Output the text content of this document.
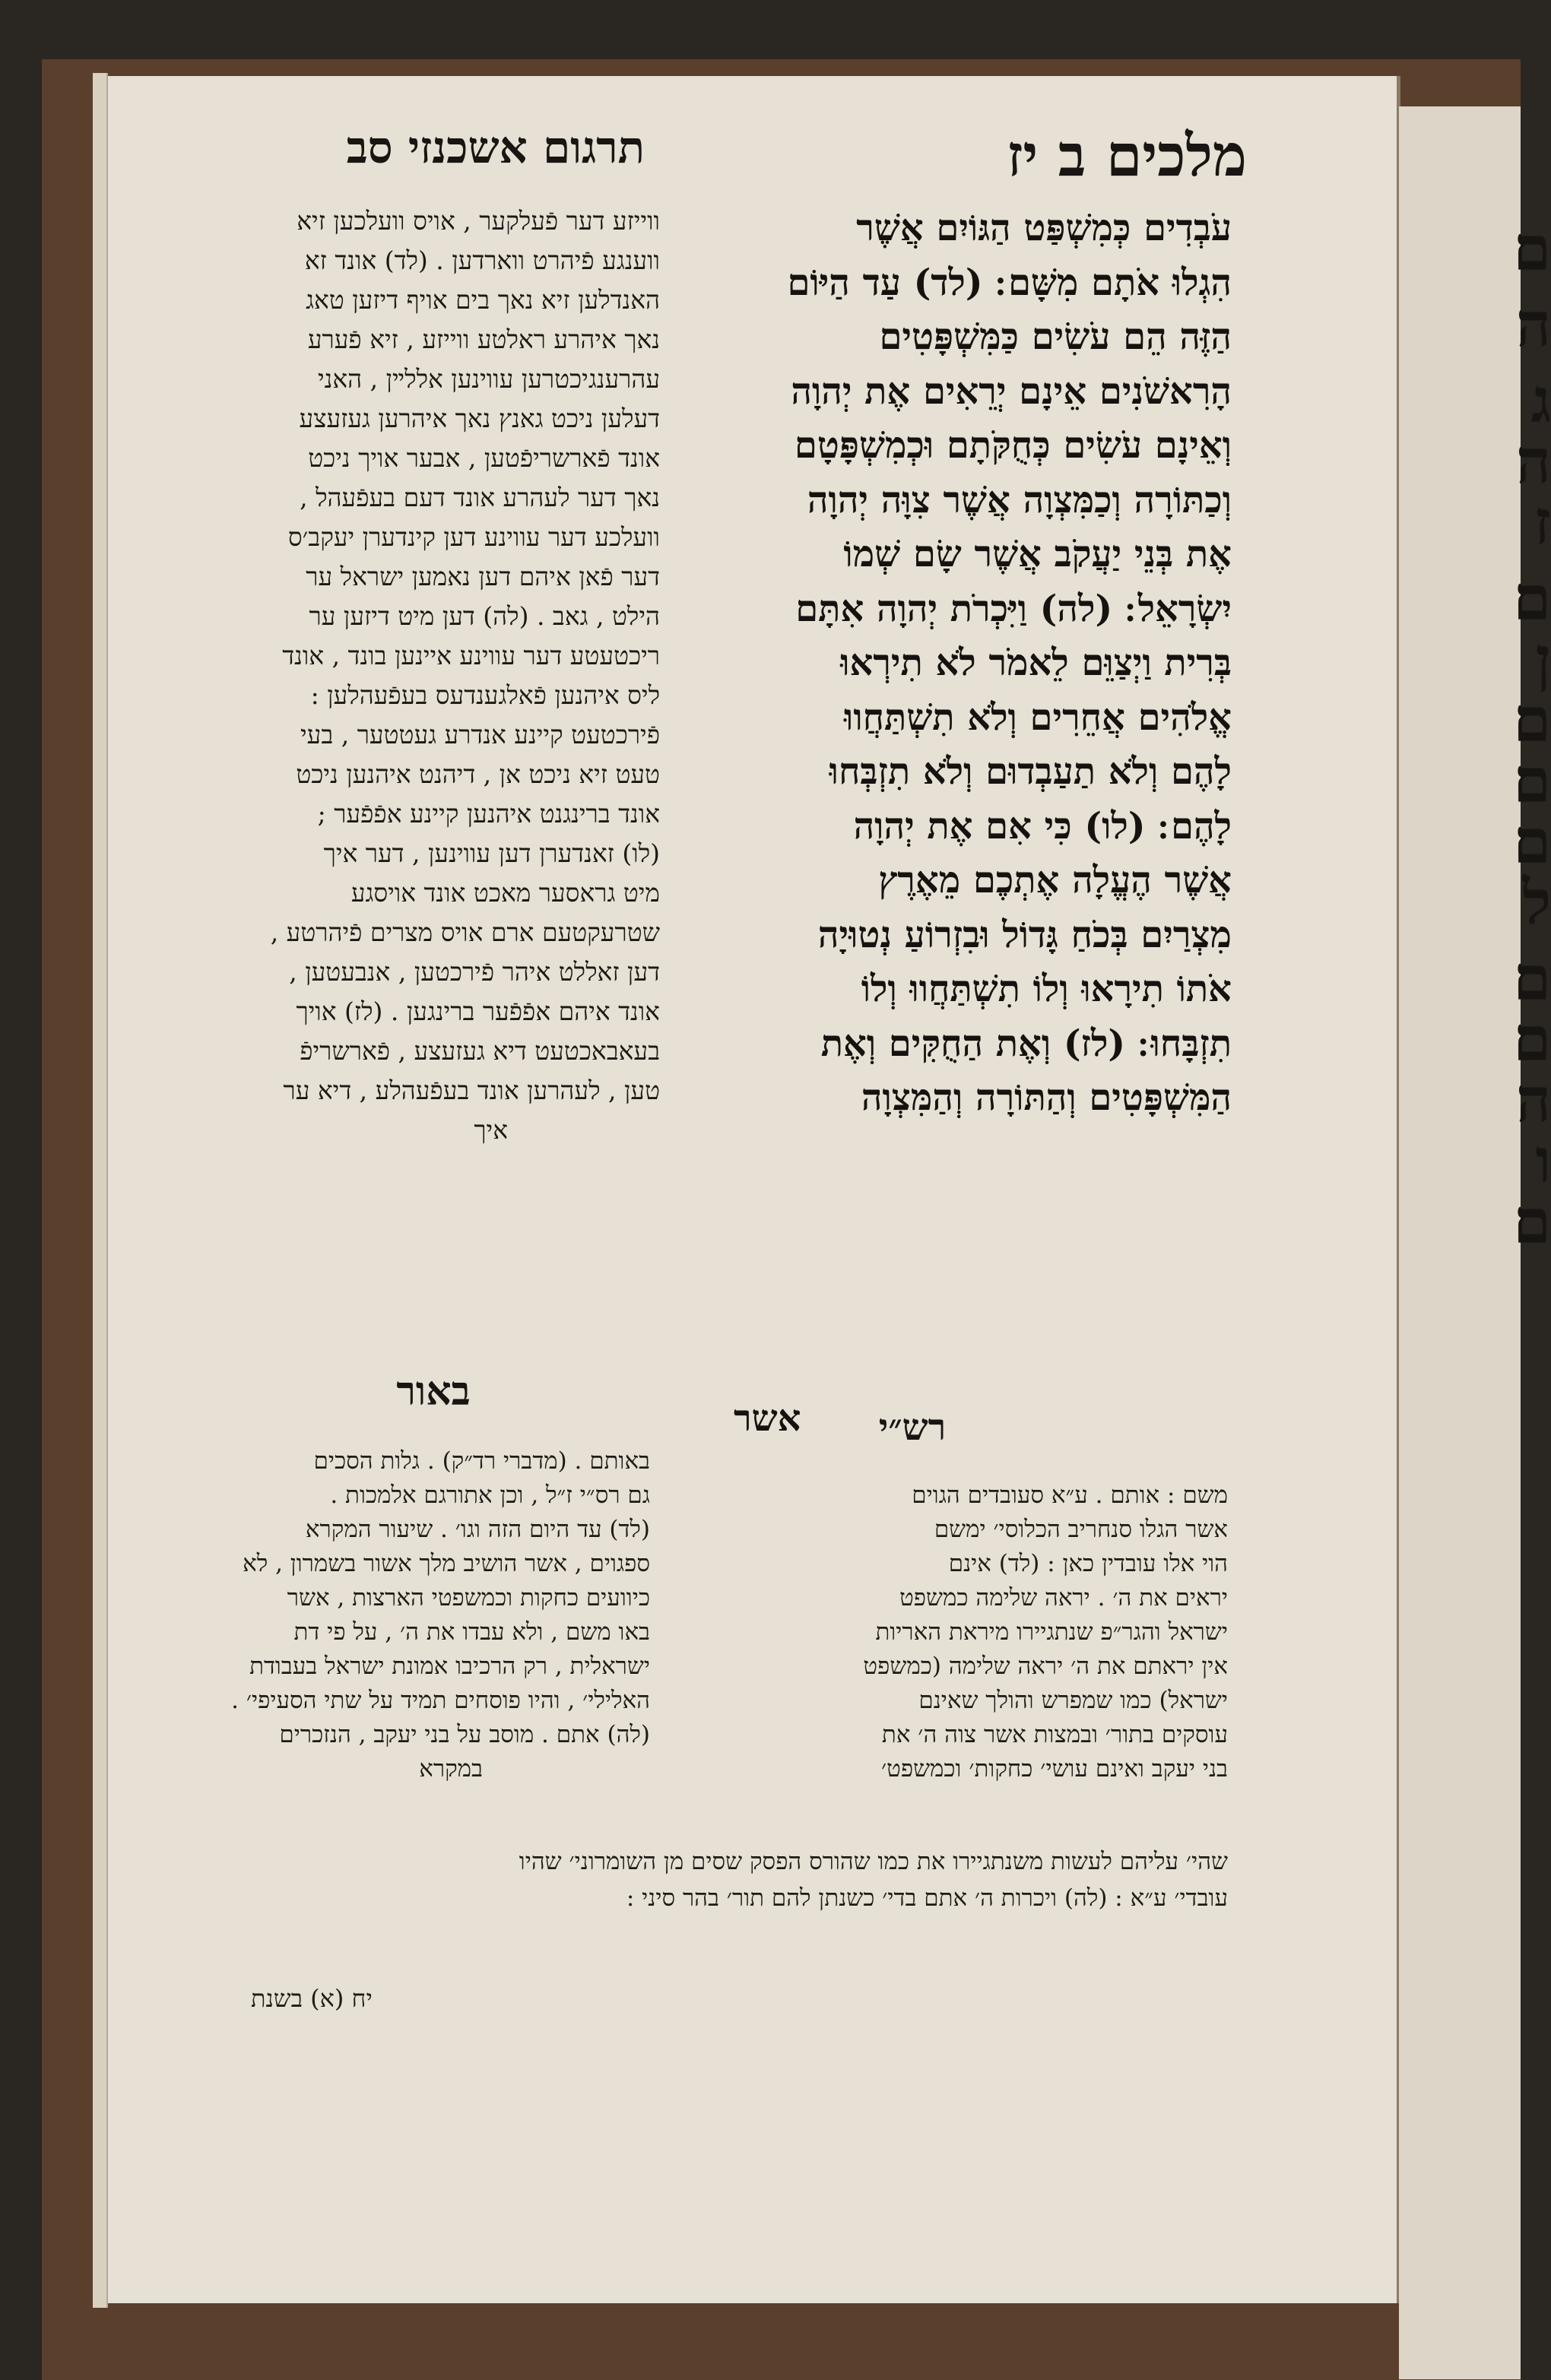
ם
ה
ג
ה
ז
ם
ן
ם
ם
ם
ל
ם
ם
ה
ו
ם
תרגום אשכנזי סב	מלכים ב יז
עֹבְדִים כְּמִשְׁפַּט הַגּוֹיִם אֲשֶׁר
הִגְלוּ אֹתָם מִשָּׁם ׃ (לד) עַד הַיּוֹם
הַזֶּה הֵם עֹשִׂים כַּמִּשְׁפָּטִים
הָרִאשֹׁנִים אֵינָם יְרֵאִים אֶת יְהוָה
וְאֵינָם עֹשִׂים כְּחֻקֹּתָם וּכְמִשְׁפָּטָם
וְכַתּוֹרָה וְכַמִּצְוָה אֲשֶׁר צִוָּה יְהוָה
אֶת בְּנֵי יַעֲקֹב אֲשֶׁר שָׂם שְׁמוֹ
יִשְׂרָאֵל ׃ (לה) וַיִּכְרֹת יְהוָה אִתָּם
בְּרִית וַיְצַוֵּם לֵאמֹר לֹא תִירְאוּ
אֱלֹהִים אֲחֵרִים וְלֹא תִשְׁתַּחֲווּ
לָהֶם וְלֹא תַעַבְדוּם וְלֹא תִזְבְּחוּ
לָהֶם ׃ (לו) כִּי אִם אֶת יְהוָה
אֲשֶׁר הֶעֱלָה אֶתְכֶם מֵאֶרֶץ
מִצְרַיִם בְּכֹחַ גָּדוֹל וּבִזְרוֹעַ נְטוּיָה
אֹתוֹ תִירָאוּ וְלוֹ תִשְׁתַּחֲווּ וְלוֹ
תִזְבָּחוּ ׃ (לז) וְאֶת הַחֻקִּים וְאֶת
הַמִּשְׁפָּטִים וְהַתּוֹרָה וְהַמִּצְוָה
אשר
ווייזע דער פֿעלקער , אויס וועלכען זיא
ווענגע פֿיהרט ווארדען . (לד) אונד זא
האנדלען זיא נאך בים אויף דיזען טאג
נאך איהרע ראלטע ווייזע , זיא פֿערע
עהרענגיכטרען עווינען אללײן , האני
דעלען ניכט גאנץ נאך איהרען געזעצע
אונד פֿארשריפֿטען , אבער אויך ניכט
נאך דער לעהרע אונד דעם בעפֿעהל ,
וועלכע דער עווינע דען קינדערן יעקב׳ס
דער פֿאן איהם דען נאמען ישראל ער
הילט , גאב . (לה) דען מיט דיזען ער
ריכטעטע דער עווינע איינען בונד , אונד
ליס איהנען פֿאלגענדעס בעפֿעהלען :
פֿירכטעט קיינע אנדרע געטטער , בעי
טעט זיא ניכט אן , דיהנט איהנען ניכט
אונד ברינגנט איהנען קיינע אפֿפֿער ;
(לו) זאנדערן דען עווינען , דער איך
מיט גראסער מאכט אונד אויסגע
שטרעקטעם ארם אויס מצרים פֿיהרטע ,
דען זאללט איהר פֿירכטען , אנבעטען ,
אונד איהם אפֿפֿער ברינגען . (לז) אויך
בעאבאכטעט דיא געזעצע , פֿארשריפֿ
טען , לעהרען אונד בעפֿעהלע , דיא ער
איך
באור
באותם . (מדברי רד״ק) . גלות הסכים
גם רס״י ז״ל , וכן אתורגם אלמכות .
(לד) עד היום הזה וגו׳ . שיעור המקרא
ספגוים , אשר הושיב מלך אשור בשמרון , לא
כיוועים כחקות וכמשפטי הארצות , אשר
באו משם , ולא עבדו את ה׳ , על פי דת
ישראלית , רק הרכיבו אמונת ישראל בעבודת
האלילי׳ , והיו פוסחים תמיד על שתי הסעיפי׳ .
(לה) אתם . מוסב על בני יעקב , הנזכרים
במקרא
רש״י
משם : אותם . ע״א סעובדים הגוים
אשר הגלו סנחריב הכלוסי׳ ימשם
הוי אלו עובדין כאן : (לד) אינם
יראים את ה׳ . יראה שלימה כמשפט
ישראל והגר״פ שנתגיירו מיראת האריות
אין יראתם את ה׳ יראה שלימה (כמשפט
ישראל) כמו שמפרש והולך שאינם
עוסקים בתור׳ ובמצות אשר צוה ה׳ את
בני יעקב ואינם עושי׳ כחקות׳ וכמשפט׳
שהי׳ עליהם לעשות משנתגיירו את כמו שהורס הפסק שסים מן השומרוני׳ שהיו
עובדי׳ ע״א : (לה) ויכרות ה׳ אתם בדי׳ כשנתן להם תור׳ בהר סיני :
יח (א) בשנת
